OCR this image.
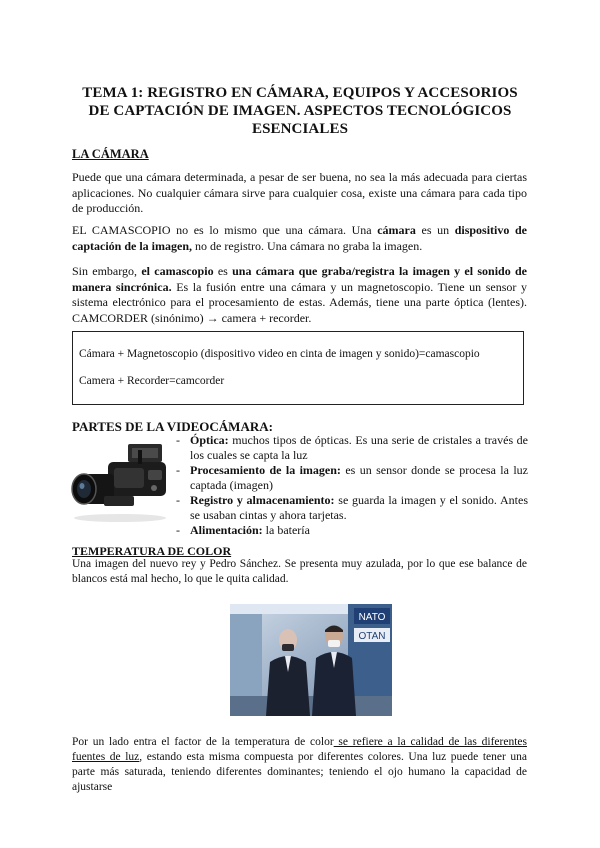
TEMA 1: REGISTRO EN CÁMARA, EQUIPOS Y ACCESORIOS DE CAPTACIÓN DE IMAGEN. ASPECTOS TECNOLÓGICOS ESENCIALES
LA CÁMARA
Puede que una cámara determinada, a pesar de ser buena, no sea la más adecuada para ciertas aplicaciones. No cualquier cámara sirve para cualquier cosa, existe una cámara para cada tipo de producción.
EL CAMASCOPIO no es lo mismo que una cámara. Una cámara es un dispositivo de captación de la imagen, no de registro. Una cámara no graba la imagen.
Sin embargo, el camascopio es una cámara que graba/registra la imagen y el sonido de manera sincrónica. Es la fusión entre una cámara y un magnetoscopio. Tiene un sensor y sistema electrónico para el procesamiento de estas. Además, tiene una parte óptica (lentes). CAMCORDER (sinónimo) → camera + recorder.
Cámara + Magnetoscopio (dispositivo video en cinta de imagen y sonido)=camascopio
Camera + Recorder=camcorder
PARTES DE LA VIDEOCÁMARA:
- Óptica: muchos tipos de ópticas. Es una serie de cristales a través de los cuales se capta la luz
- Procesamiento de la imagen: es un sensor donde se procesa la luz captada (imagen)
- Registro y almacenamiento: se guarda la imagen y el sonido. Antes se usaban cintas y ahora tarjetas.
- Alimentación: la batería
TEMPERATURA DE COLOR
Una imagen del nuevo rey y Pedro Sánchez. Se presenta muy azulada, por lo que ese balance de blancos está mal hecho, lo que le quita calidad.
NATO
OTAN
Por un lado entra el factor de la temperatura de color se refiere a la calidad de las diferentes fuentes de luz, estando esta misma compuesta por diferentes colores. Una luz puede tener una parte más saturada, teniendo diferentes dominantes; teniendo el ojo humano la capacidad de ajustarse
